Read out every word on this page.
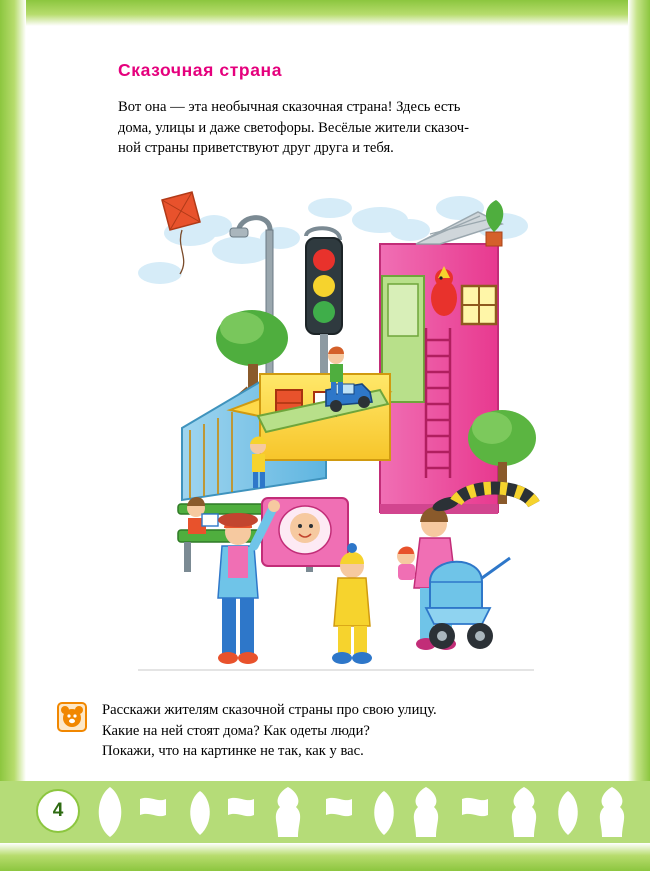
Сказочная страна

Вот она — эта необычная сказочная страна! Здесь есть
дома, улицы и даже светофоры. Весёлые жители сказоч-
ной страны приветствуют друг друга и тебя.

Расскажи жителям сказочной страны про свою улицу.
Какие на ней стоят дома? Как одеты люди?
Покажи, что на картинке не так, как у вас.
4
